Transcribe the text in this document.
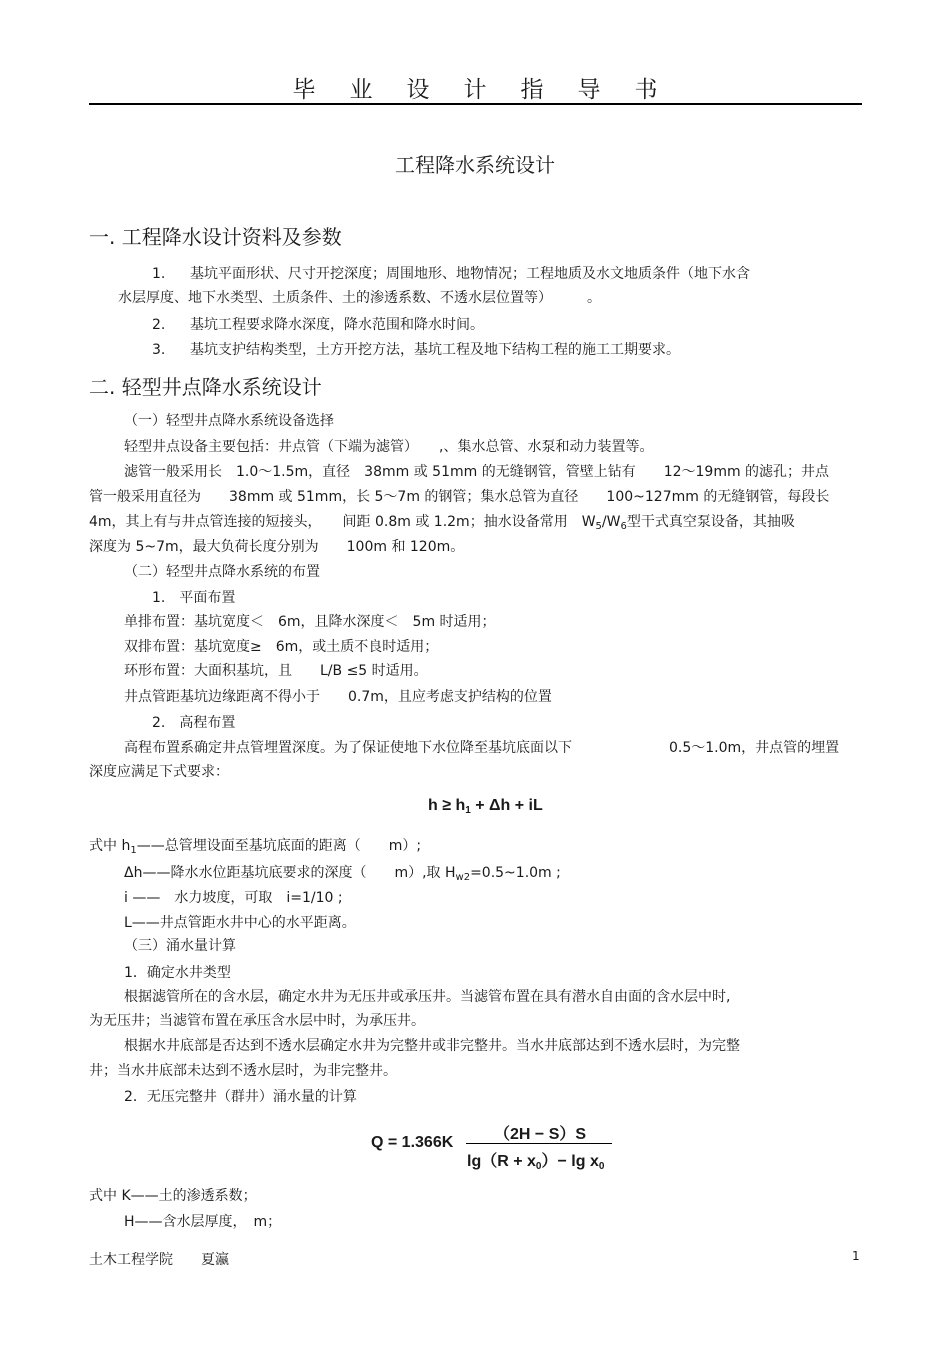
毕业设计指导书
工程降水系统设计
一. 工程降水设计资料及参数
1. 基坑平面形状、尺寸开挖深度；周围地形、地物情况；工程地质及水文地质条件（地下水含
水层厚度、地下水类型、土质条件、土的渗透系数、不透水层位置等）　　　。
2. 基坑工程要求降水深度，降水范围和降水时间。
3. 基坑支护结构类型，土方开挖方法，基坑工程及地下结构工程的施工工期要求。
二. 轻型井点降水系统设计
（一）轻型井点降水系统设备选择
轻型井点设备主要包括：井点管（下端为滤管）　　,、集水总管、水泵和动力装置等。
滤管一般采用长　1.0～1.5m，直径　38mm 或 51mm 的无缝钢管，管壁上钻有　　12～19mm 的滤孔；井点
管一般采用直径为　　38mm 或 51mm，长 5～7m 的钢管；集水总管为直径　　100~127mm 的无缝钢管，每段长
4m，其上有与井点管连接的短接头，　　间距 0.8m 或 1.2m；抽水设备常用　$W_5/W_6$型干式真空泵设备，其抽吸
深度为 5~7m，最大负荷长度分别为　　100m 和 120m。
（二）轻型井点降水系统的布置
1.　平面布置
单排布置：基坑宽度＜　6m，且降水深度＜　5m 时适用；
双排布置：基坑宽度≥　6m，或土质不良时适用；
环形布置：大面积基坑，且　　L/B ≤5 时适用。
井点管距基坑边缘距离不得小于　　0.7m，且应考虑支护结构的位置
2.　高程布置
高程布置系确定井点管埋置深度。为了保证使地下水位降至基坑底面以下	0.5～1.0m，井点管的埋置
深度应满足下式要求：
$h \ge h_1 + \Delta h$ + iL
式中 $h_1——$总管埋设面至基坑底面的距离（　　m）;
Δh——降水水位距基坑底要求的深度（　　m）,取 $H_{w2}=0.5\sim 1.0m$ ;
i ——　水力坡度，可取　i=1/10 ;
L——井点管距水井中心的水平距离。
（三）涌水量计算
1．确定水井类型
根据滤管所在的含水层，确定水井为无压井或承压井。当滤管布置在具有潜水自由面的含水层中时,
为无压井；当滤管布置在承压含水层中时，为承压井。
根据水井底部是否达到不透水层确定水井为完整井或非完整井。当水井底部达到不透水层时，为完整
井；当水井底部未达到不透水层时，为非完整井。
2．无压完整井（群井）涌水量的计算
Q = 1.366K	（2H − S）S
$\lg(R + x_0)- \lg x_0$
式中 K——土的渗透系数；
H——含水层厚度，　m；
土木工程学院　　夏瀛	1
